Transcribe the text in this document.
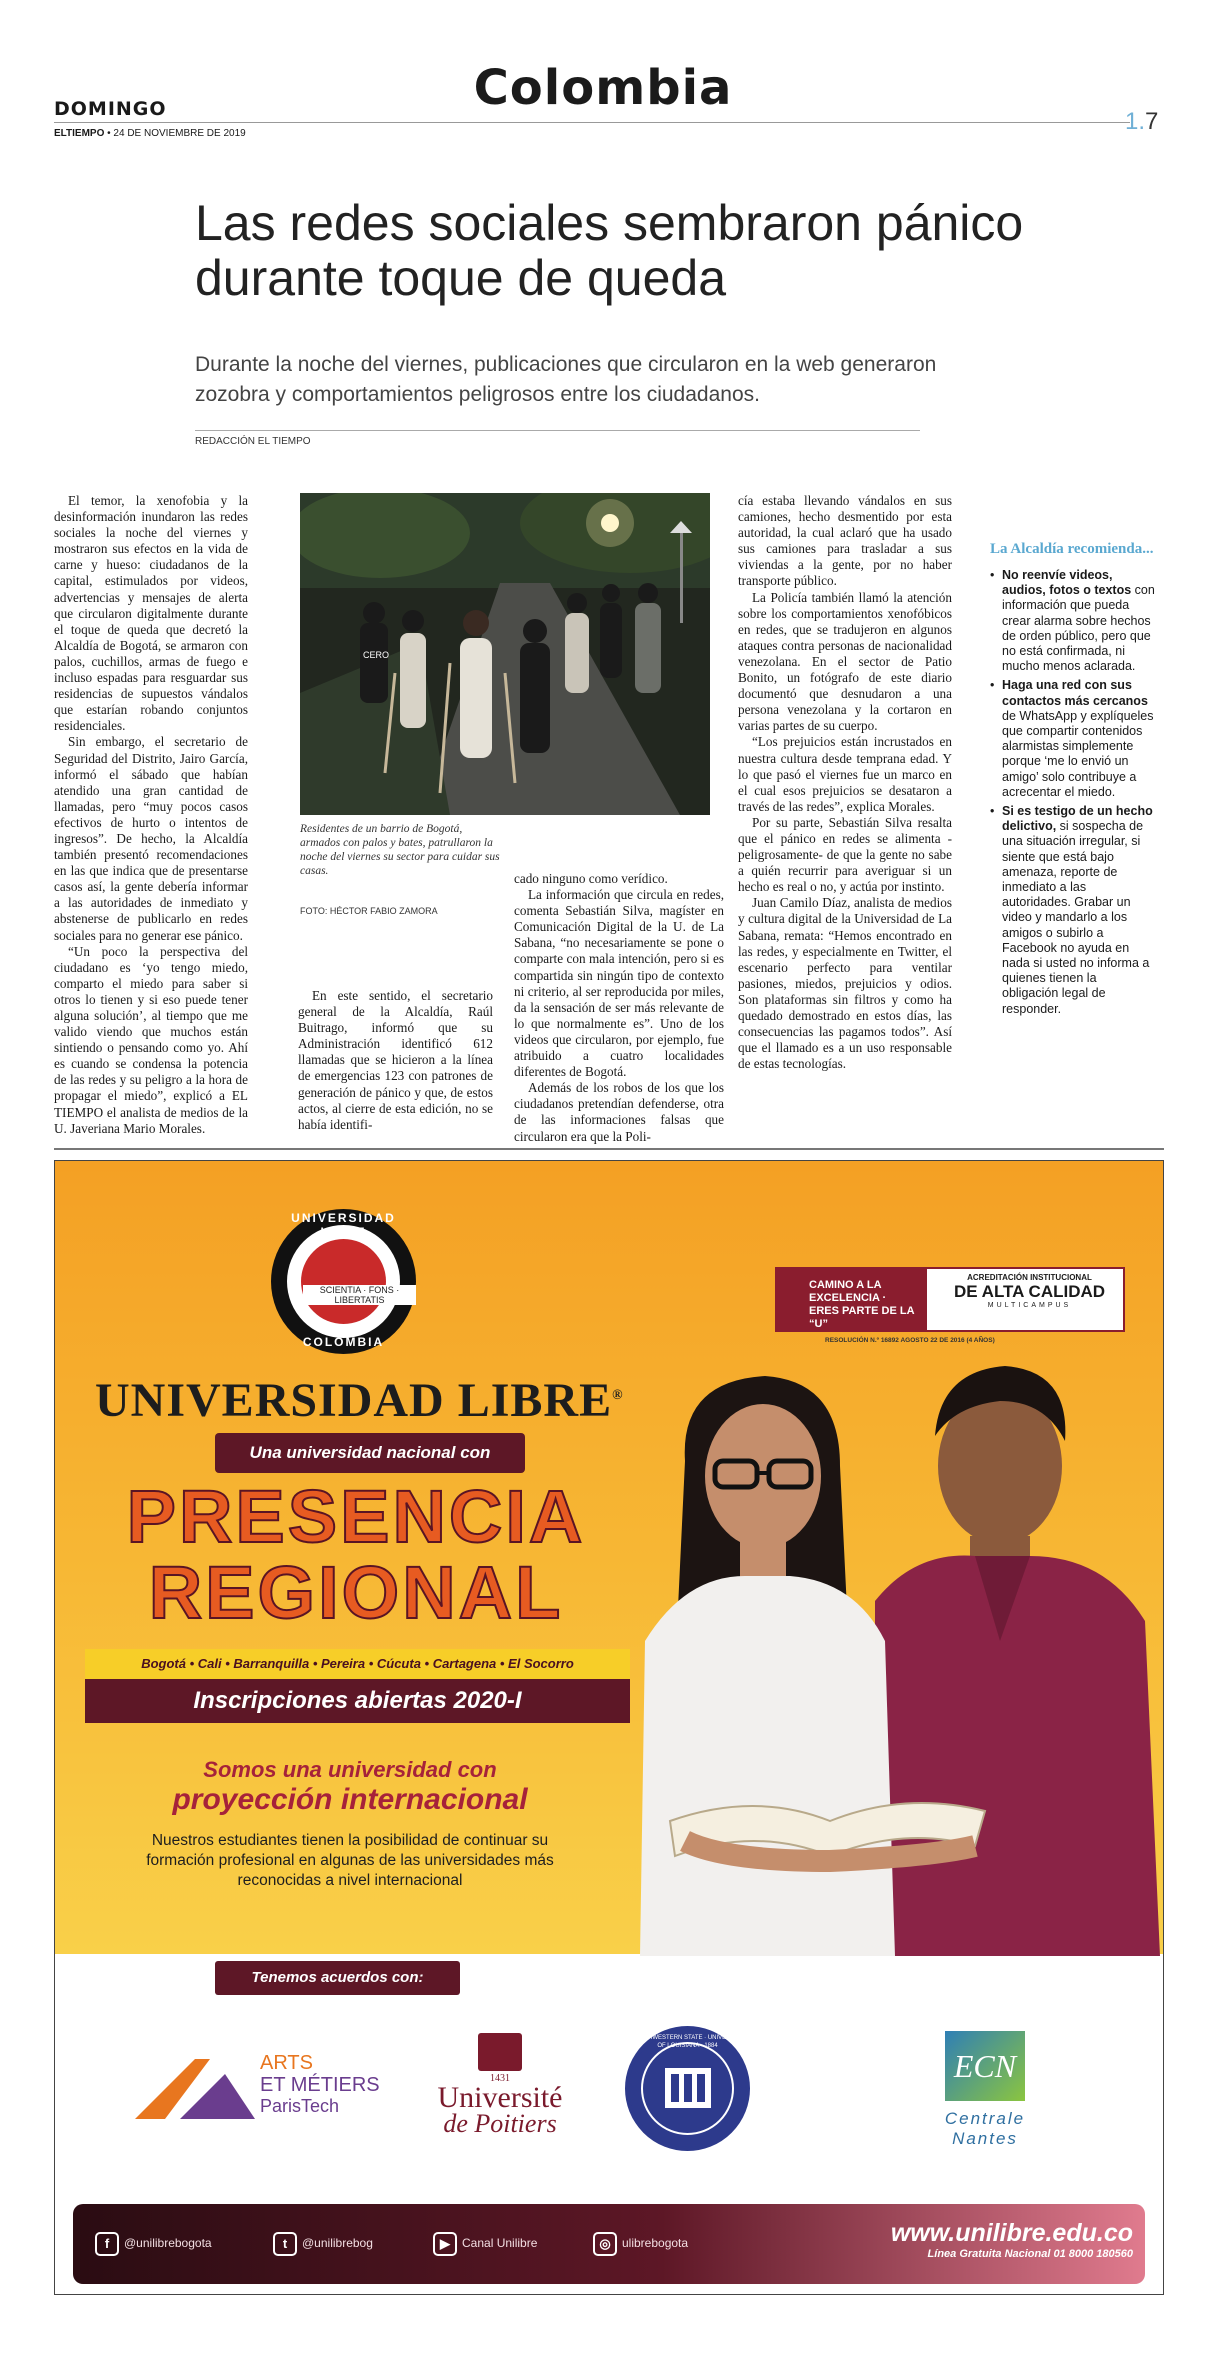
Colombia
DOMINGO
ELTIEMPO • 24 DE NOVIEMBRE DE 2019	1.7
Las redes sociales sembraron pánico durante toque de queda
Durante la noche del viernes, publicaciones que circularon en la web generaron zozobra y comportamientos peligrosos entre los ciudadanos.
REDACCIÓN EL TIEMPO

El temor, la xenofobia y la desinformación inundaron las redes sociales la noche del viernes y mostraron sus efectos en la vida de carne y hueso: ciudadanos de la capital, estimulados por videos, advertencias y mensajes de alerta que circularon digitalmente durante el toque de queda que decretó la Alcaldía de Bogotá, se armaron con palos, cuchillos, armas de fuego e incluso espadas para resguardar sus residencias de supuestos vándalos que estarían robando conjuntos residenciales.

Sin embargo, el secretario de Seguridad del Distrito, Jairo García, informó el sábado que habían atendido una gran cantidad de llamadas, pero “muy pocos casos efectivos de hurto o intentos de ingresos”. De hecho, la Alcaldía también presentó recomendaciones en las que indica que de presentarse casos así, la gente debería informar a las autoridades de inmediato y abstenerse de publicarlo en redes sociales para no generar ese pánico.

“Un poco la perspectiva del ciudadano es ‘yo tengo miedo, comparto el miedo para saber si otros lo tienen y si eso puede tener alguna solución’, al tiempo que me valido viendo que muchos están sintiendo o pensando como yo. Ahí es cuando se condensa la potencia de las redes y su peligro a la hora de propagar el miedo”, explicó a EL TIEMPO el analista de medios de la U. Javeriana Mario Morales.

CERO
Residentes de un barrio de Bogotá, armados con palos y bates, patrullaron la noche del viernes su sector para cuidar sus casas.
FOTO: HÉCTOR FABIO ZAMORA

En este sentido, el secretario general de la Alcaldía, Raúl Buitrago, informó que su Administración identificó 612 llamadas que se hicieron a la línea de emergencias 123 con patrones de generación de pánico y que, de estos actos, al cierre de esta edición, no se había identifi-

cado ninguno como verídico.

La información que circula en redes, comenta Sebastián Silva, magíster en Comunicación Digital de la U. de La Sabana, “no necesariamente se pone o comparte con mala intención, pero si es compartida sin ningún tipo de contexto ni criterio, al ser reproducida por miles, da la sensación de ser más relevante de lo que normalmente es”. Uno de los videos que circularon, por ejemplo, fue atribuido a cuatro localidades diferentes de Bogotá.

Además de los robos de los que los ciudadanos pretendían defenderse, otra de las informaciones falsas que circularon era que la Poli-

cía estaba llevando vándalos en sus camiones, hecho desmentido por esta autoridad, la cual aclaró que ha usado sus camiones para trasladar a sus viviendas a la gente, por no haber transporte público.

La Policía también llamó la atención sobre los comportamientos xenofóbicos en redes, que se tradujeron en algunos ataques contra personas de nacionalidad venezolana. En el sector de Patio Bonito, un fotógrafo de este diario documentó que desnudaron a una persona venezolana y la cortaron en varias partes de su cuerpo.

“Los prejuicios están incrustados en nuestra cultura desde temprana edad. Y lo que pasó el viernes fue un marco en el cual esos prejuicios se desataron a través de las redes”, explica Morales.

Por su parte, Sebastián Silva resalta que el pánico en redes se alimenta -peligrosamente- de que la gente no sabe a quién recurrir para averiguar si un hecho es real o no, y actúa por instinto.

Juan Camilo Díaz, analista de medios y cultura digital de la Universidad de La Sabana, remata: “Hemos encontrado en las redes, y especialmente en Twitter, el escenario perfecto para ventilar pasiones, miedos, prejuicios y odios. Son plataformas sin filtros y como ha quedado demostrado en estos días, las consecuencias las pagamos todos”. Así que el llamado es a un uso responsable de estas tecnologías.

La Alcaldía recomienda...
• No reenvíe videos, audios, fotos o textos con información que pueda crear alarma sobre hechos de orden público, pero que no está confirmada, ni mucho menos aclarada.
• Haga una red con sus contactos más cercanos de WhatsApp y explíqueles que compartir contenidos alarmistas simplemente porque ‘me lo envió un amigo’ solo contribuye a acrecentar el miedo.
• Si es testigo de un hecho delictivo, si sospecha de una situación irregular, si siente que está bajo amenaza, reporte de inmediato a las autoridades. Grabar un video y mandarlo a los amigos o subirlo a Facebook no ayuda en nada si usted no informa a quienes tienen la obligación legal de responder.
UNIVERSIDAD
SCIENTIA · FONS · LIBERTATIS
COLOMBIA
UNIVERSIDAD LIBRE®
Una universidad nacional con
PRESENCIA
REGIONAL
Bogotá • Cali • Barranquilla • Pereira • Cúcuta • Cartagena • El Socorro
Inscripciones abiertas 2020-I
Somos una universidad con
proyección internacional
Nuestros estudiantes tienen la posibilidad de continuar su formación profesional en algunas de las universidades más reconocidas a nivel internacional
CAMINO A LA EXCELENCIA · ERES PARTE DE LA “U”
ACREDITACIÓN INSTITUCIONAL
DE ALTA CALIDAD
MULTICAMPUS
RESOLUCIÓN N.º 16892 AGOSTO 22 DE 2016 (4 AÑOS)
Tenemos acuerdos con:
ARTS
ET MÉTIERS
ParisTech
1431
Université
de Poitiers
NORTHWESTERN STATE · UNIVERSITY OF LOUISIANA · 1884
ECN
Centrale
Nantes
f @unilibrebogota	t @unilibrebog	▶ Canal Unilibre	◎ ulibrebogota	www.unilibre.edu.co
Línea Gratuita Nacional 01 8000 180560
